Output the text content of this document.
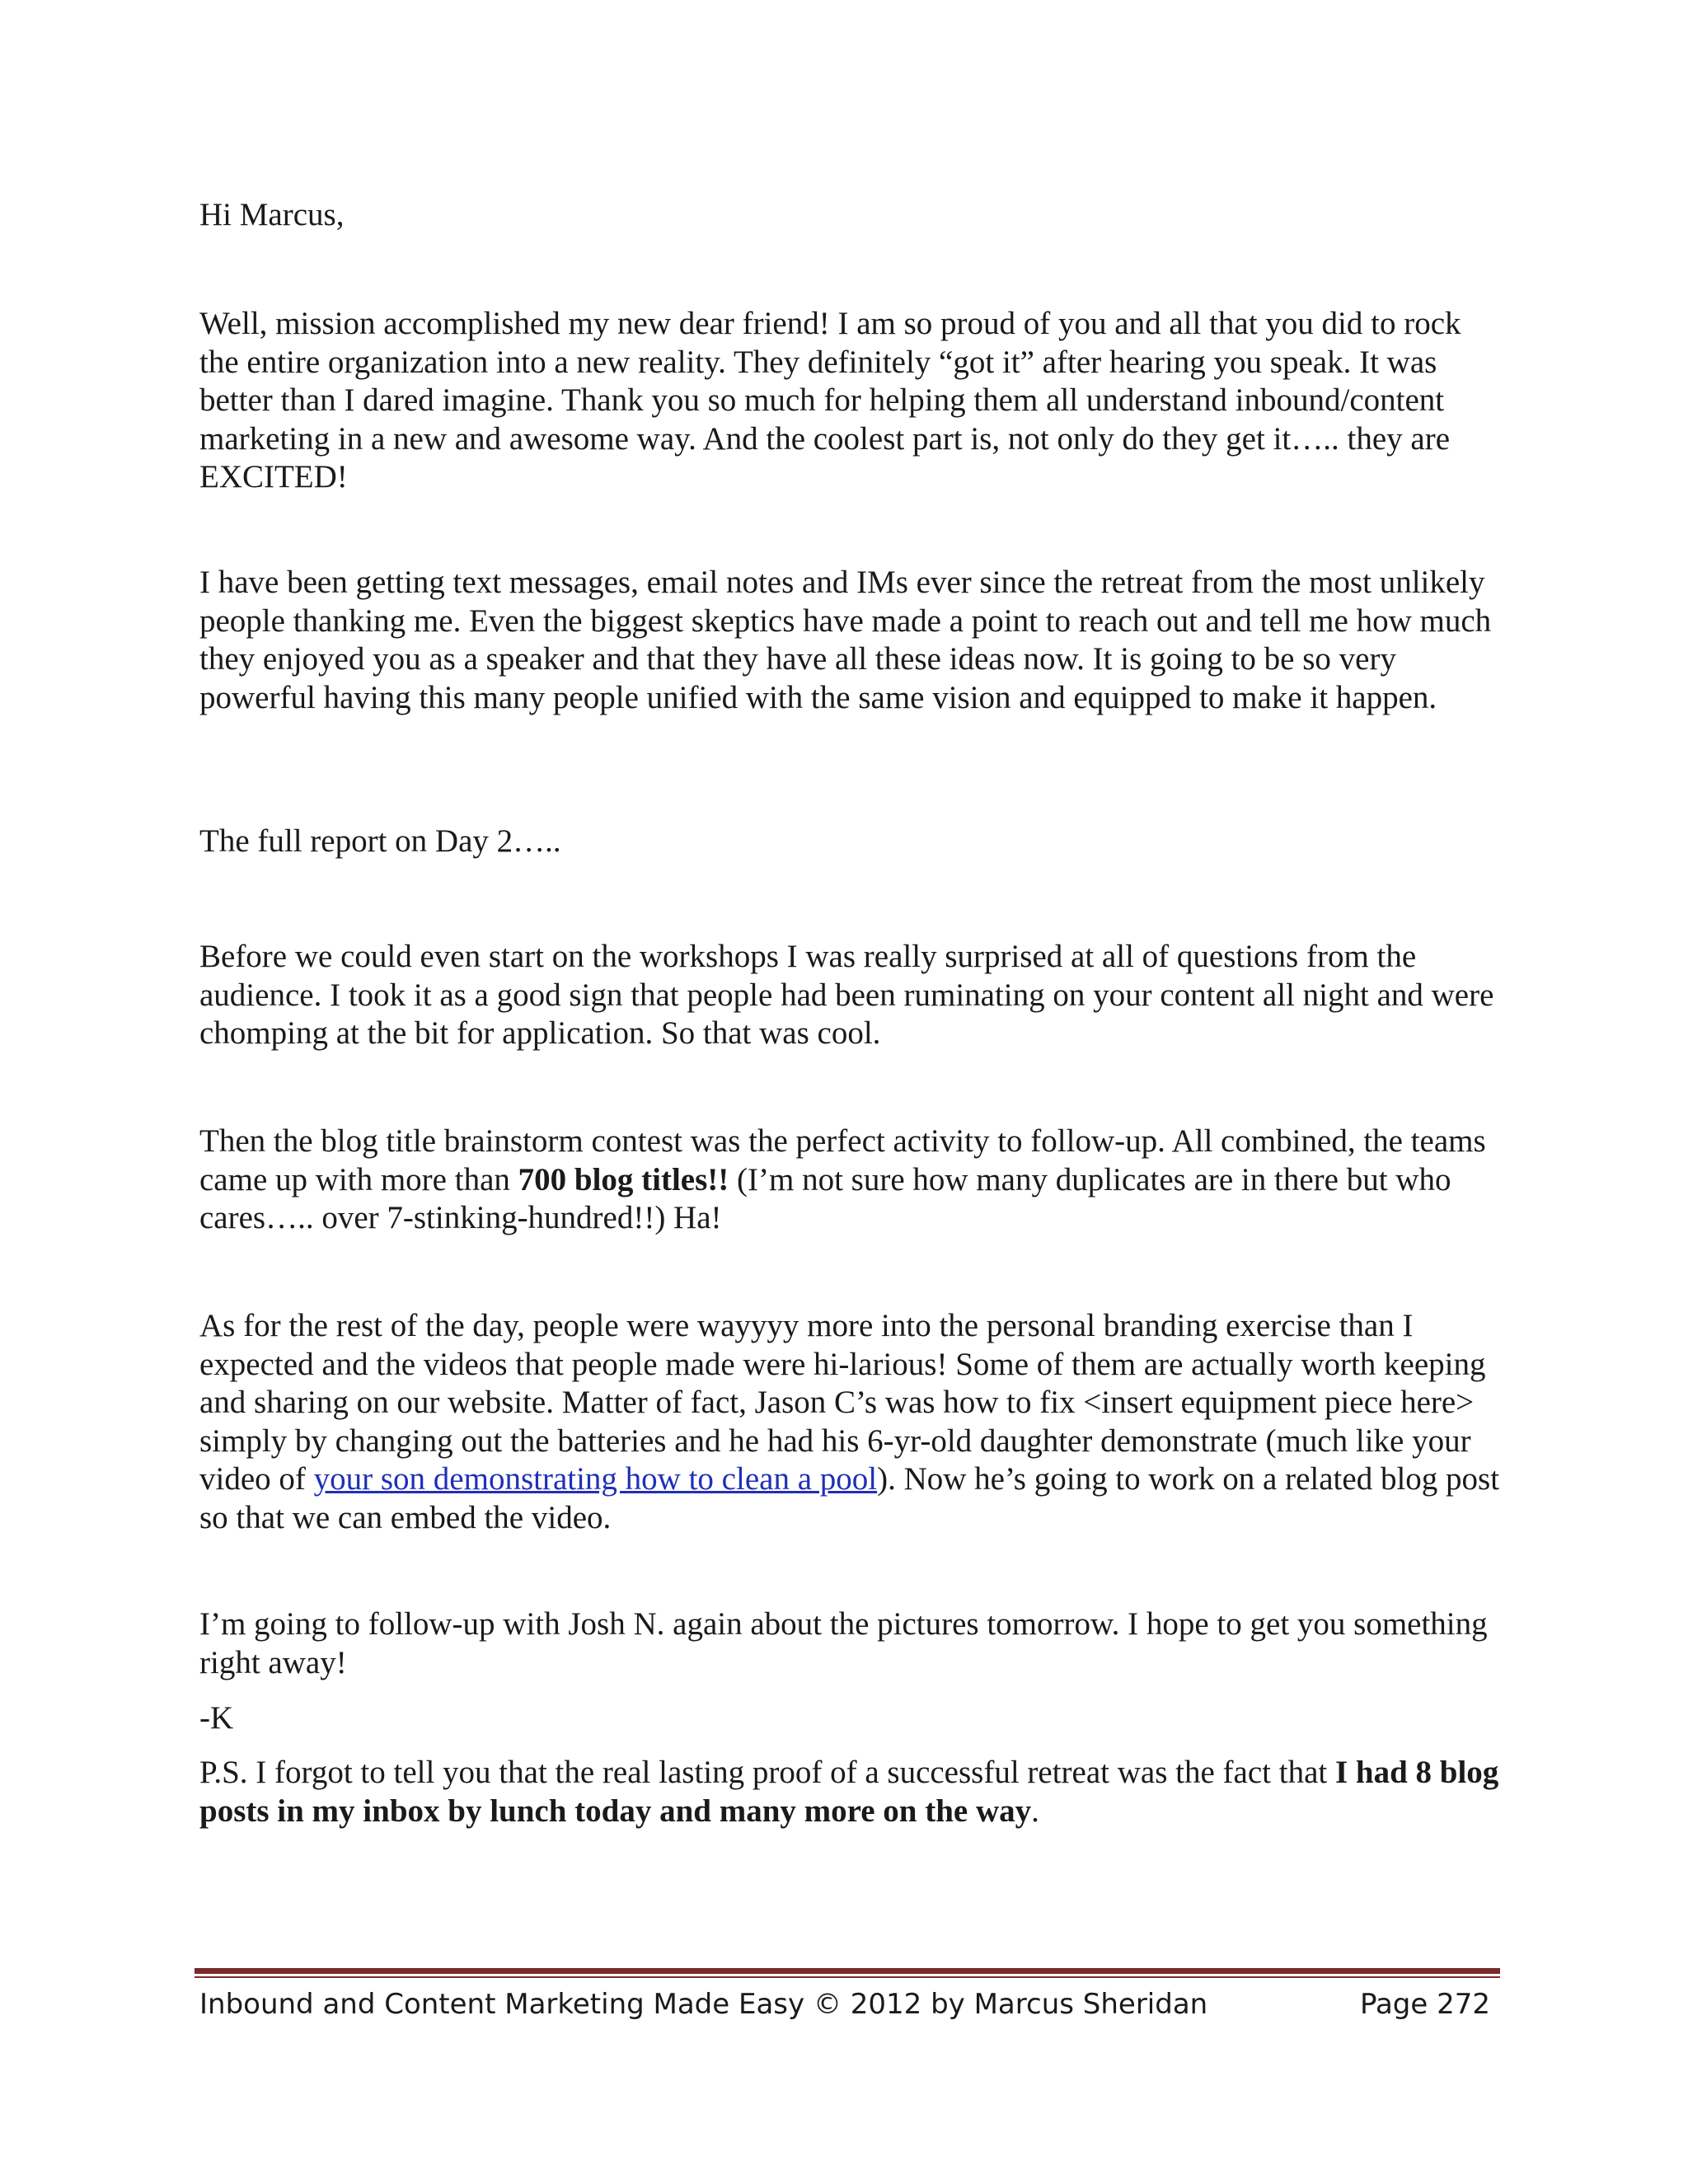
Hi Marcus,

Well, mission accomplished my new dear friend! I am so proud of you and all that you did to rock the entire organization into a new reality. They definitely “got it” after hearing you speak. It was better than I dared imagine. Thank you so much for helping them all understand inbound/content marketing in a new and awesome way. And the coolest part is, not only do they get it….. they are EXCITED!

I have been getting text messages, email notes and IMs ever since the retreat from the most unlikely people thanking me. Even the biggest skeptics have made a point to reach out and tell me how much they enjoyed you as a speaker and that they have all these ideas now. It is going to be so very powerful having this many people unified with the same vision and equipped to make it happen.

The full report on Day 2…..

Before we could even start on the workshops I was really surprised at all of questions from the audience. I took it as a good sign that people had been ruminating on your content all night and were chomping at the bit for application. So that was cool.

Then the blog title brainstorm contest was the perfect activity to follow-up. All combined, the teams came up with more than 700 blog titles!! (I’m not sure how many duplicates are in there but who cares….. over 7-stinking-hundred!!) Ha!

As for the rest of the day, people were wayyyy more into the personal branding exercise than I expected and the videos that people made were hi-larious! Some of them are actually worth keeping and sharing on our website. Matter of fact, Jason C’s was how to fix <insert equipment piece here> simply by changing out the batteries and he had his 6-yr-old daughter demonstrate (much like your video of your son demonstrating how to clean a pool). Now he’s going to work on a related blog post so that we can embed the video.

I’m going to follow-up with Josh N. again about the pictures tomorrow. I hope to get you something right away!

-K

P.S. I forgot to tell you that the real lasting proof of a successful retreat was the fact that I had 8 blog posts in my inbox by lunch today and many more on the way.

Inbound and Content Marketing Made Easy © 2012 by Marcus Sheridan	Page 272
